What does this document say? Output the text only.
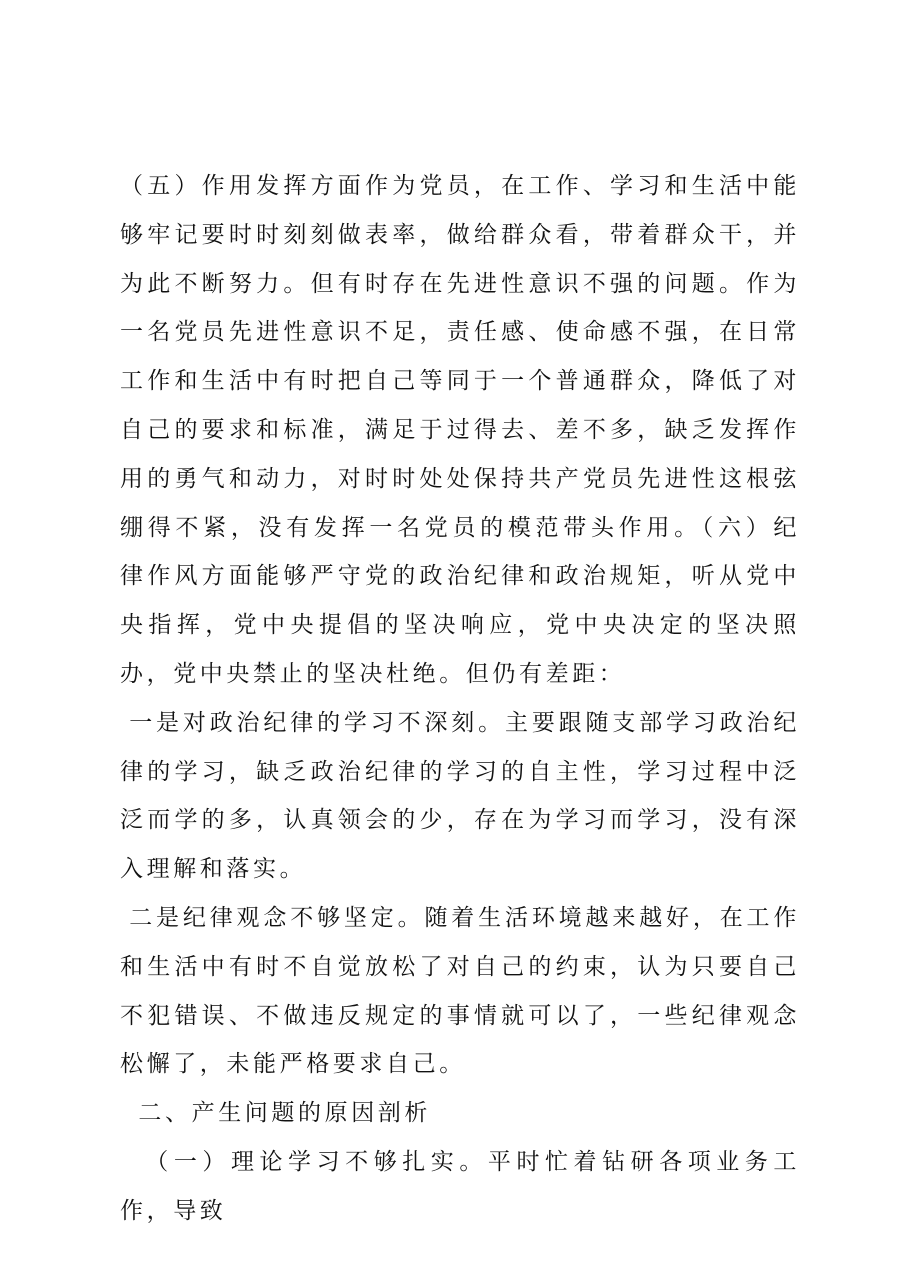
（五）作用发挥方面作为党员，在工作、学习和生活中能够牢记要时时刻刻做表率，做给群众看，带着群众干，并为此不断努力。但有时存在先进性意识不强的问题。作为一名党员先进性意识不足，责任感、使命感不强，在日常工作和生活中有时把自己等同于一个普通群众，降低了对自己的要求和标准，满足于过得去、差不多，缺乏发挥作用的勇气和动力，对时时处处保持共产党员先进性这根弦绷得不紧，没有发挥一名党员的模范带头作用。（六）纪律作风方面能够严守党的政治纪律和政治规矩，听从党中央指挥，党中央提倡的坚决响应，党中央决定的坚决照办，党中央禁止的坚决杜绝。但仍有差距：

一是对政治纪律的学习不深刻。主要跟随支部学习政治纪律的学习，缺乏政治纪律的学习的自主性，学习过程中泛泛而学的多，认真领会的少，存在为学习而学习，没有深入理解和落实。

二是纪律观念不够坚定。随着生活环境越来越好，在工作和生活中有时不自觉放松了对自己的约束，认为只要自己不犯错误、不做违反规定的事情就可以了，一些纪律观念松懈了，未能严格要求自己。

二、产生问题的原因剖析

（一）理论学习不够扎实。平时忙着钻研各项业务工作，导致
